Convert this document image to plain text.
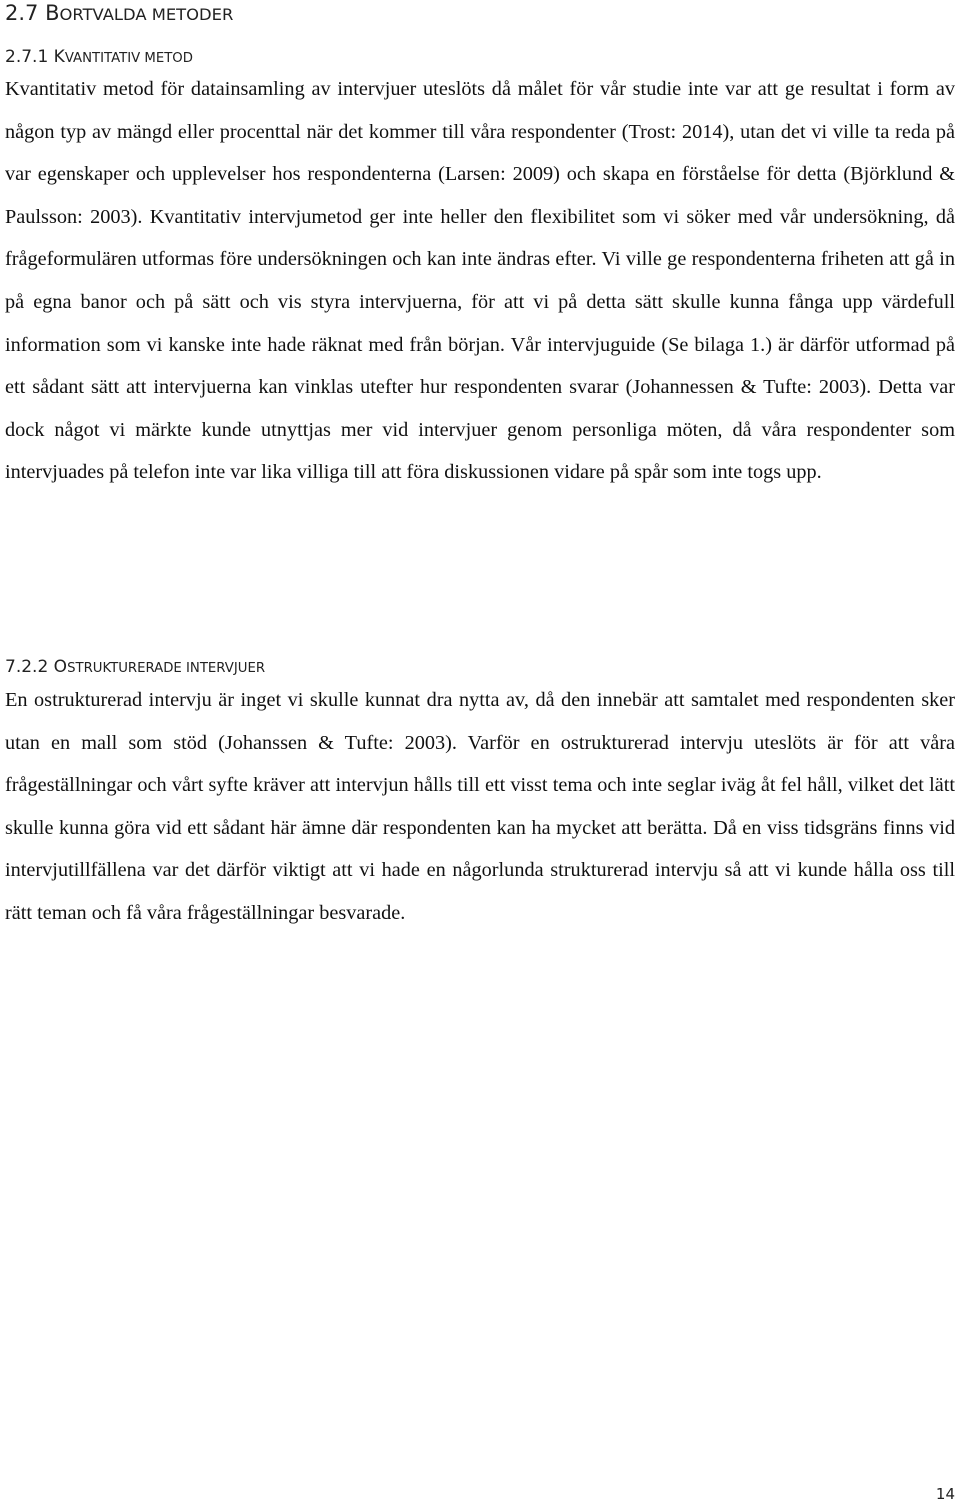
2.7 BORTVALDA METODER
2.7.1 KVANTITATIV METOD

Kvantitativ metod för datainsamling av intervjuer uteslöts då målet för vår studie inte var att ge resultat i form av någon typ av mängd eller procenttal när det kommer till våra respondenter (Trost: 2014), utan det vi ville ta reda på var egenskaper och upplevelser hos respondenterna (Larsen: 2009) och skapa en förståelse för detta (Björklund & Paulsson: 2003). Kvantitativ intervjumetod ger inte heller den flexibilitet som vi söker med vår undersökning, då frågeformulären utformas före undersökningen och kan inte ändras efter. Vi ville ge respondenterna friheten att gå in på egna banor och på sätt och vis styra intervjuerna, för att vi på detta sätt skulle kunna fånga upp värdefull information som vi kanske inte hade räknat med från början. Vår intervjuguide (Se bilaga 1.) är därför utformad på ett sådant sätt att intervjuerna kan vinklas utefter hur respondenten svarar (Johannessen & Tufte: 2003). Detta var dock något vi märkte kunde utnyttjas mer vid intervjuer genom personliga möten, då våra respondenter som intervjuades på telefon inte var lika villiga till att föra diskussionen vidare på spår som inte togs upp.

7.2.2 OSTRUKTURERADE INTERVJUER

En ostrukturerad intervju är inget vi skulle kunnat dra nytta av, då den innebär att samtalet med respondenten sker utan en mall som stöd (Johanssen & Tufte: 2003). Varför en ostrukturerad intervju uteslöts är för att våra frågeställningar och vårt syfte kräver att intervjun hålls till ett visst tema och inte seglar iväg åt fel håll, vilket det lätt skulle kunna göra vid ett sådant här ämne där respondenten kan ha mycket att berätta. Då en viss tidsgräns finns vid intervjutillfällena var det därför viktigt att vi hade en någorlunda strukturerad intervju så att vi kunde hålla oss till rätt teman och få våra frågeställningar besvarade.

14
